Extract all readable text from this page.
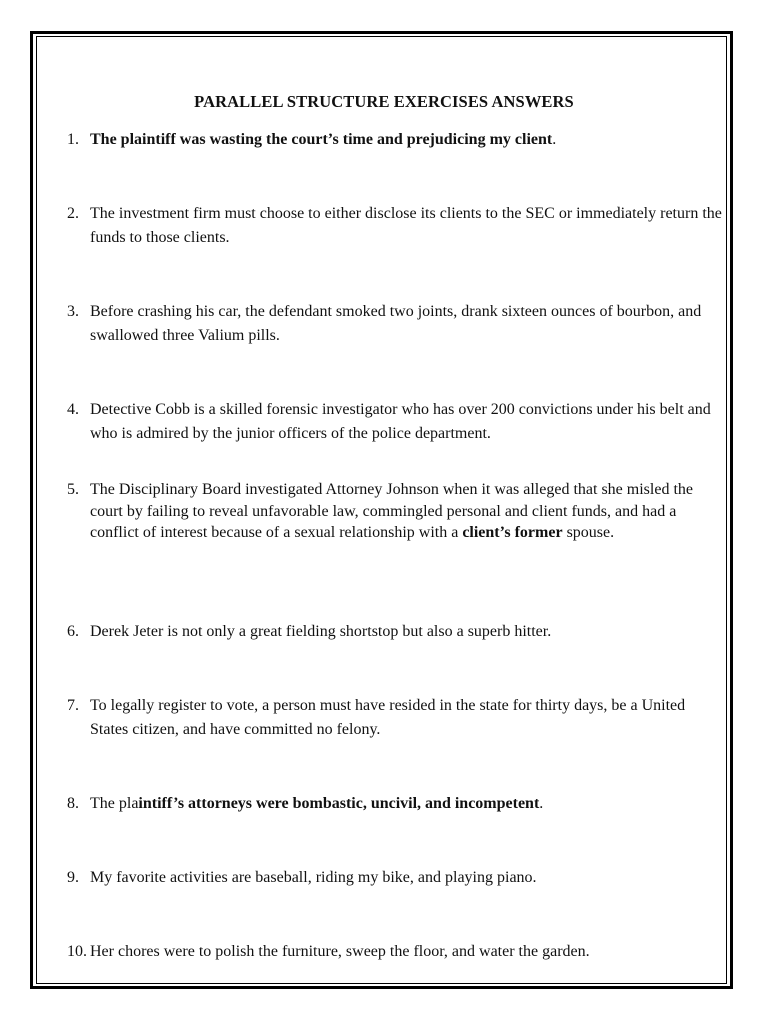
PARALLEL STRUCTURE EXERCISES ANSWERS
1. The plaintiff was wasting the court’s time and prejudicing my client.
2. The investment firm must choose to either disclose its clients to the SEC or immediately return the funds to those clients.
3. Before crashing his car, the defendant smoked two joints, drank sixteen ounces of bourbon, and swallowed three Valium pills.
4. Detective Cobb is a skilled forensic investigator who has over 200 convictions under his belt and who is admired by the junior officers of the police department.
5. The Disciplinary Board investigated Attorney Johnson when it was alleged that she misled the court by failing to reveal unfavorable law, commingled personal and client funds, and had a conflict of interest because of a sexual relationship with a client’s former spouse.
6. Derek Jeter is not only a great fielding shortstop but also a superb hitter.
7. To legally register to vote, a person must have resided in the state for thirty days, be a United States citizen, and have committed no felony.
8. The plaintiff’s attorneys were bombastic, uncivil, and incompetent.
9. My favorite activities are baseball, riding my bike, and playing piano.
10. Her chores were to polish the furniture, sweep the floor, and water the garden.
